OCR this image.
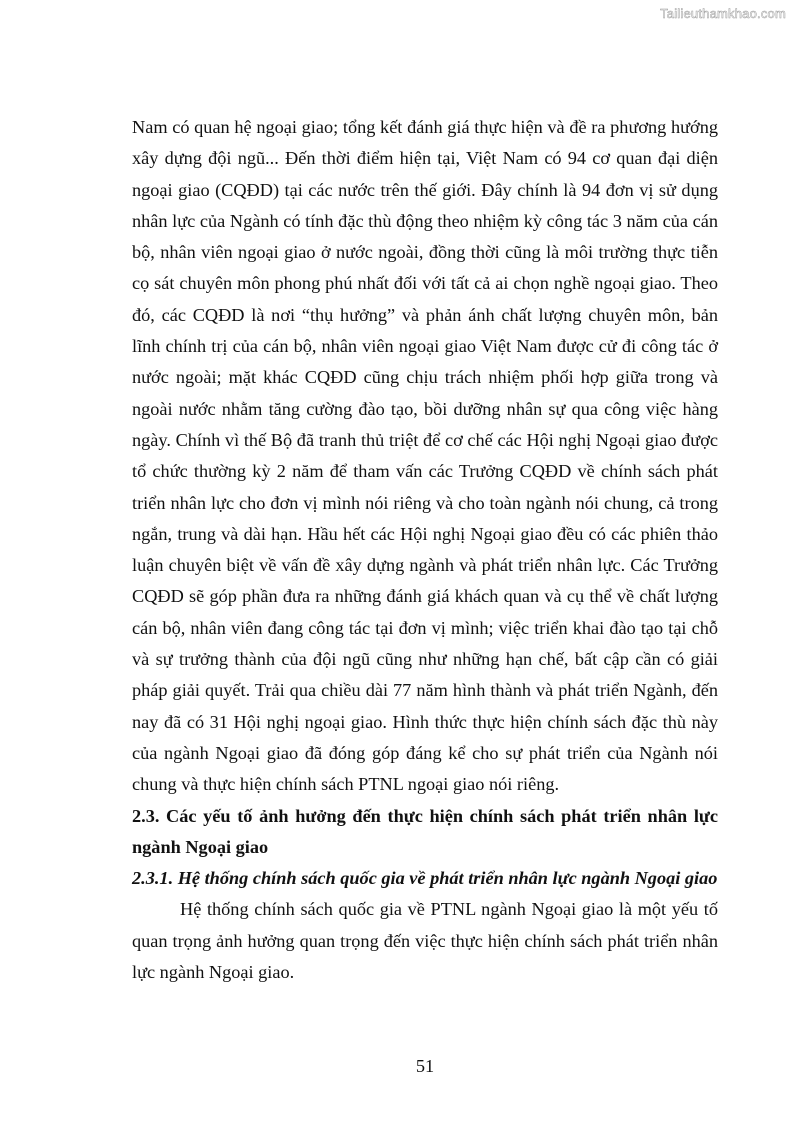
Tailieuthamkhao.com

Nam có quan hệ ngoại giao; tổng kết đánh giá thực hiện và đề ra phương hướng xây dựng đội ngũ... Đến thời điểm hiện tại, Việt Nam có 94 cơ quan đại diện ngoại giao (CQĐD) tại các nước trên thế giới. Đây chính là 94 đơn vị sử dụng nhân lực của Ngành có tính đặc thù động theo nhiệm kỳ công tác 3 năm của cán bộ, nhân viên ngoại giao ở nước ngoài, đồng thời cũng là môi trường thực tiễn cọ sát chuyên môn phong phú nhất đối với tất cả ai chọn nghề ngoại giao. Theo đó, các CQĐD là nơi “thụ hưởng” và phản ánh chất lượng chuyên môn, bản lĩnh chính trị của cán bộ, nhân viên ngoại giao Việt Nam được cử đi công tác ở nước ngoài; mặt khác CQĐD cũng chịu trách nhiệm phối hợp giữa trong và ngoài nước nhằm tăng cường đào tạo, bồi dưỡng nhân sự qua công việc hàng ngày. Chính vì thế Bộ đã tranh thủ triệt để cơ chế các Hội nghị Ngoại giao được tổ chức thường kỳ 2 năm để tham vấn các Trưởng CQĐD về chính sách phát triển nhân lực cho đơn vị mình nói riêng và cho toàn ngành nói chung, cả trong ngắn, trung và dài hạn. Hầu hết các Hội nghị Ngoại giao đều có các phiên thảo luận chuyên biệt về vấn đề xây dựng ngành và phát triển nhân lực. Các Trưởng CQĐD sẽ góp phần đưa ra những đánh giá khách quan và cụ thể về chất lượng cán bộ, nhân viên đang công tác tại đơn vị mình; việc triển khai đào tạo tại chỗ và sự trưởng thành của đội ngũ cũng như những hạn chế, bất cập cần có giải pháp giải quyết. Trải qua chiều dài 77 năm hình thành và phát triển Ngành, đến nay đã có 31 Hội nghị ngoại giao. Hình thức thực hiện chính sách đặc thù này của ngành Ngoại giao đã đóng góp đáng kể cho sự phát triển của Ngành nói chung và thực hiện chính sách PTNL ngoại giao nói riêng.

2.3. Các yếu tố ảnh hưởng đến thực hiện chính sách phát triển nhân lực ngành Ngoại giao

2.3.1. Hệ thống chính sách quốc gia về phát triển nhân lực ngành Ngoại giao

Hệ thống chính sách quốc gia về PTNL ngành Ngoại giao là một yếu tố quan trọng ảnh hưởng quan trọng đến việc thực hiện chính sách phát triển nhân lực ngành Ngoại giao.

51
